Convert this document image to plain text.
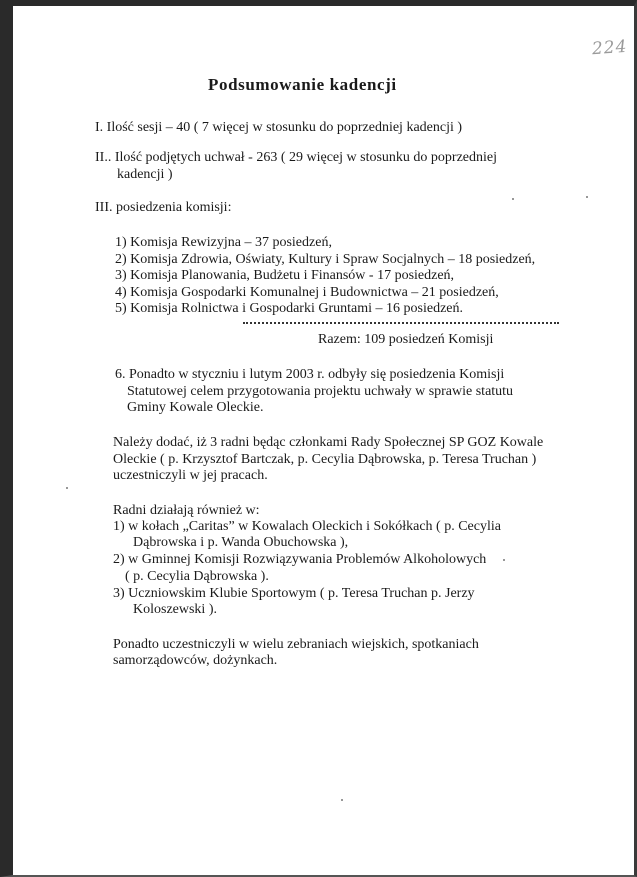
224
Podsumowanie kadencji
I. Ilość sesji – 40 ( 7 więcej w stosunku do poprzedniej kadencji )
II.. Ilość podjętych uchwał - 263 ( 29 więcej w stosunku do poprzedniej
kadencji )
III. posiedzenia komisji:
1) Komisja Rewizyjna – 37 posiedzeń,
2) Komisja Zdrowia, Oświaty, Kultury i Spraw Socjalnych – 18 posiedzeń,
3) Komisja Planowania, Budżetu i Finansów - 17 posiedzeń,
4) Komisja Gospodarki Komunalnej i Budownictwa – 21 posiedzeń,
5) Komisja Rolnictwa i Gospodarki Gruntami – 16 posiedzeń.
Razem: 109 posiedzeń Komisji
6. Ponadto w styczniu i lutym 2003 r. odbyły się posiedzenia Komisji
Statutowej celem przygotowania projektu uchwały w sprawie statutu
Gminy Kowale Oleckie.
Należy dodać, iż 3 radni będąc członkami Rady Społecznej SP GOZ Kowale
Oleckie ( p. Krzysztof Bartczak, p. Cecylia Dąbrowska, p. Teresa Truchan )
uczestniczyli w jej pracach.
Radni działają również w:
1) w kołach „Caritas” w Kowalach Oleckich i Sokółkach ( p. Cecylia
Dąbrowska i p. Wanda Obuchowska ),
2) w Gminnej Komisji Rozwiązywania Problemów Alkoholowych
( p. Cecylia Dąbrowska ).
3) Uczniowskim Klubie Sportowym ( p. Teresa Truchan p. Jerzy
Koloszewski ).
Ponadto uczestniczyli w wielu zebraniach wiejskich, spotkaniach
samorządowców, dożynkach.
